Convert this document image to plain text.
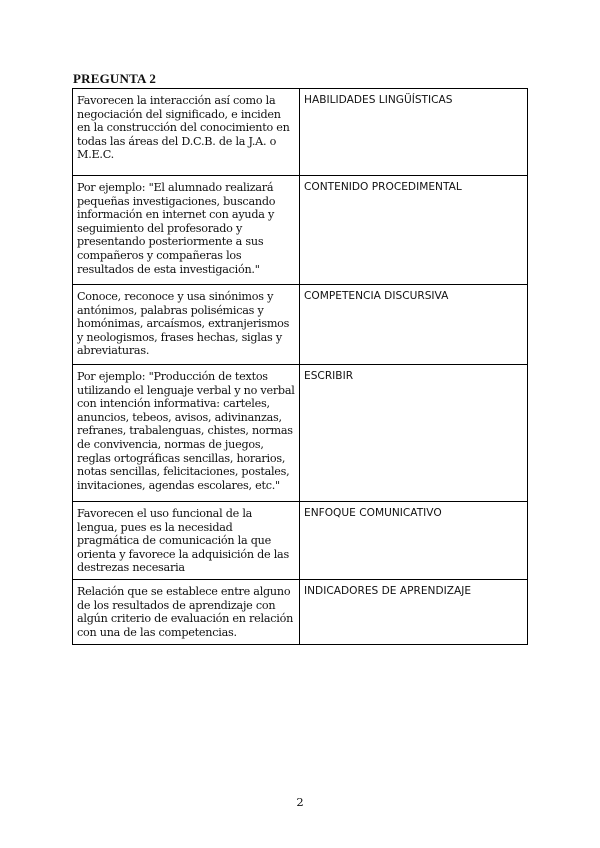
PREGUNTA 2
Favorecen la interacción así como la negociación del significado, e inciden en la construcción del conocimiento en todas las áreas del D.C.B. de la J.A. o M.E.C.	HABILIDADES LINGÜÍSTICAS
Por ejemplo: "El alumnado realizará pequeñas investigaciones, buscando información en internet con ayuda y seguimiento del profesorado y presentando posteriormente a sus compañeros y compañeras los resultados de esta investigación."	CONTENIDO PROCEDIMENTAL
Conoce, reconoce y usa sinónimos y antónimos, palabras polisémicas y homónimas, arcaísmos, extranjerismos y neologismos, frases hechas, siglas y abreviaturas.	COMPETENCIA DISCURSIVA
Por ejemplo: "Producción de textos utilizando el lenguaje verbal y no verbal con intención informativa: carteles, anuncios, tebeos, avisos, adivinanzas, refranes, trabalenguas, chistes, normas de convivencia, normas de juegos, reglas ortográficas sencillas, horarios, notas sencillas, felicitaciones, postales, invitaciones, agendas escolares, etc."	ESCRIBIR
Favorecen el uso funcional de la lengua, pues es la necesidad pragmática de comunicación la que orienta y favorece la adquisición de las destrezas necesaria	ENFOQUE COMUNICATIVO
Relación que se establece entre alguno de los resultados de aprendizaje con algún criterio de evaluación en relación con una de las competencias.	INDICADORES DE APRENDIZAJE
2
